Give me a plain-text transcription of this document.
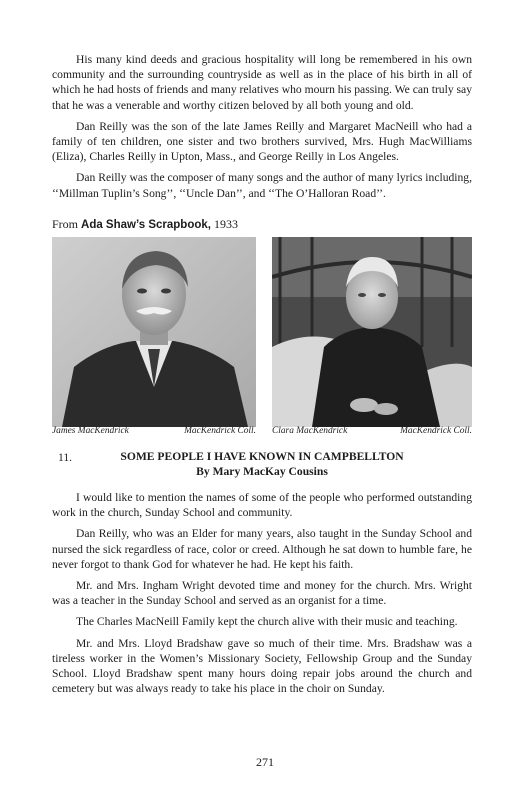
His many kind deeds and gracious hospitality will long be remembered in his own community and the surrounding countryside as well as in the place of his birth in all of which he had hosts of friends and many relatives who mourn his passing. We can truly say that he was a venerable and worthy citizen beloved by all both young and old.

Dan Reilly was the son of the late James Reilly and Margaret MacNeill who had a family of ten children, one sister and two brothers survived, Mrs. Hugh MacWilliams (Eliza), Charles Reilly in Upton, Mass., and George Reilly in Los Angeles.

Dan Reilly was the composer of many songs and the author of many lyrics including, ‘‘Millman Tuplin’s Song’’, ‘‘Uncle Dan’’, and ‘‘The O’Halloran Road’’.

From Ada Shaw’s Scrapbook, 1933

James MacKendrick	MacKendrick Coll. Clara MacKendrick	MacKendrick Coll.

11.	SOME PEOPLE I HAVE KNOWN IN CAMPBELLTON

By Mary MacKay Cousins

I would like to mention the names of some of the people who performed outstanding work in the church, Sunday School and community.

Dan Reilly, who was an Elder for many years, also taught in the Sunday School and nursed the sick regardless of race, color or creed. Although he sat down to humble fare, he never forgot to thank God for whatever he had. He kept his faith.

Mr. and Mrs. Ingham Wright devoted time and money for the church. Mrs. Wright was a teacher in the Sunday School and served as an organist for a time.

The Charles MacNeill Family kept the church alive with their music and teaching.

Mr. and Mrs. Lloyd Bradshaw gave so much of their time. Mrs. Bradshaw was a tireless worker in the Women’s Missionary Society, Fellowship Group and the Sunday School. Lloyd Bradshaw spent many hours doing repair jobs around the church and cemetery but was always ready to take his place in the choir on Sunday.

271
